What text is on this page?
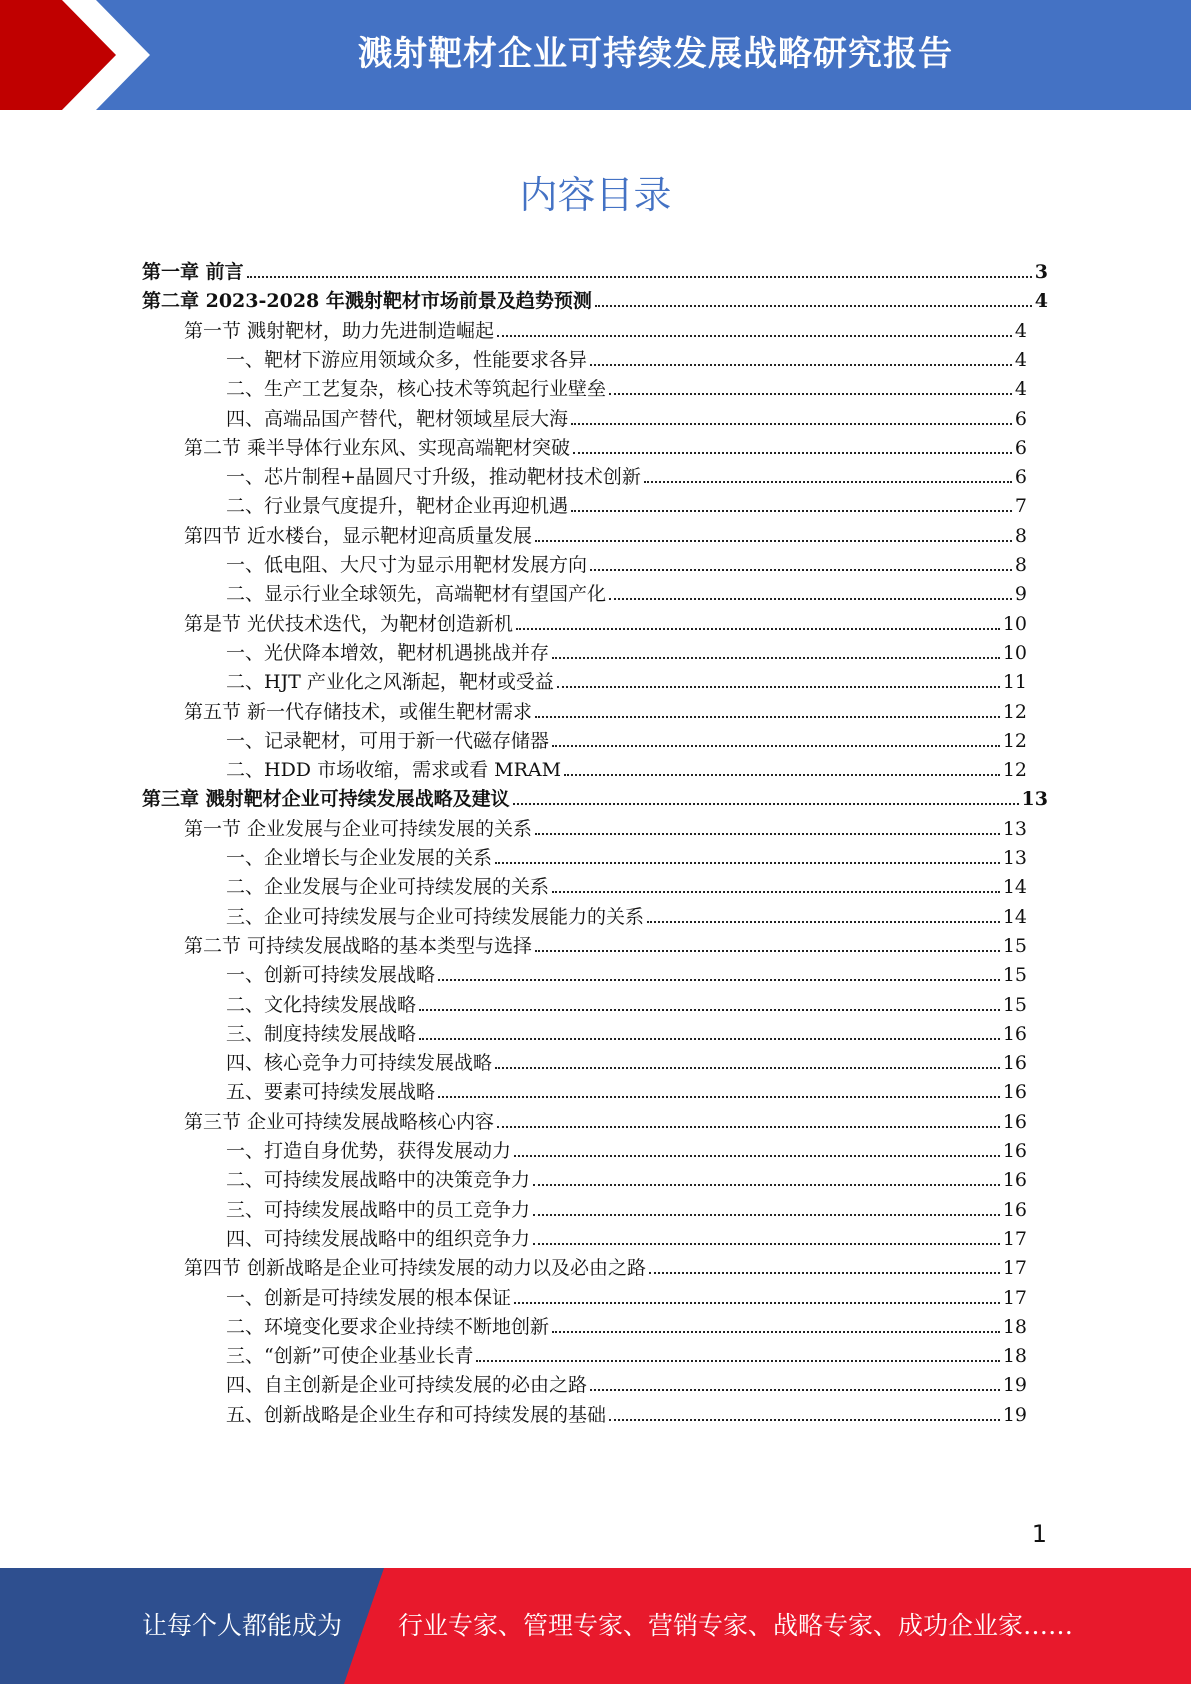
溅射靶材企业可持续发展战略研究报告
内容目录
第一章 前言	3
第二章 2023-2028 年溅射靶材市场前景及趋势预测	4
第一节 溅射靶材，助力先进制造崛起	4
一、靶材下游应用领域众多，性能要求各异	4
二、生产工艺复杂，核心技术等筑起行业壁垒	4
四、高端品国产替代，靶材领域星辰大海	6
第二节 乘半导体行业东风、实现高端靶材突破	6
一、芯片制程+晶圆尺寸升级，推动靶材技术创新	6
二、行业景气度提升，靶材企业再迎机遇	7
第四节 近水楼台，显示靶材迎高质量发展	8
一、低电阻、大尺寸为显示用靶材发展方向	8
二、显示行业全球领先，高端靶材有望国产化	9
第是节 光伏技术迭代，为靶材创造新机	10
一、光伏降本增效，靶材机遇挑战并存	10
二、HJT 产业化之风渐起，靶材或受益	11
第五节 新一代存储技术，或催生靶材需求	12
一、记录靶材，可用于新一代磁存储器	12
二、HDD 市场收缩，需求或看 MRAM	12
第三章 溅射靶材企业可持续发展战略及建议	13
第一节 企业发展与企业可持续发展的关系	13
一、企业增长与企业发展的关系	13
二、企业发展与企业可持续发展的关系	14
三、企业可持续发展与企业可持续发展能力的关系	14
第二节 可持续发展战略的基本类型与选择	15
一、创新可持续发展战略	15
二、文化持续发展战略	15
三、制度持续发展战略	16
四、核心竞争力可持续发展战略	16
五、要素可持续发展战略	16
第三节 企业可持续发展战略核心内容	16
一、打造自身优势，获得发展动力	16
二、可持续发展战略中的决策竞争力	16
三、可持续发展战略中的员工竞争力	16
四、可持续发展战略中的组织竞争力	17
第四节 创新战略是企业可持续发展的动力以及必由之路	17
一、创新是可持续发展的根本保证	17
二、环境变化要求企业持续不断地创新	18
三、“创新”可使企业基业长青	18
四、自主创新是企业可持续发展的必由之路	19
五、创新战略是企业生存和可持续发展的基础	19
1
让每个人都能成为 行业专家、管理专家、营销专家、战略专家、成功企业家……
